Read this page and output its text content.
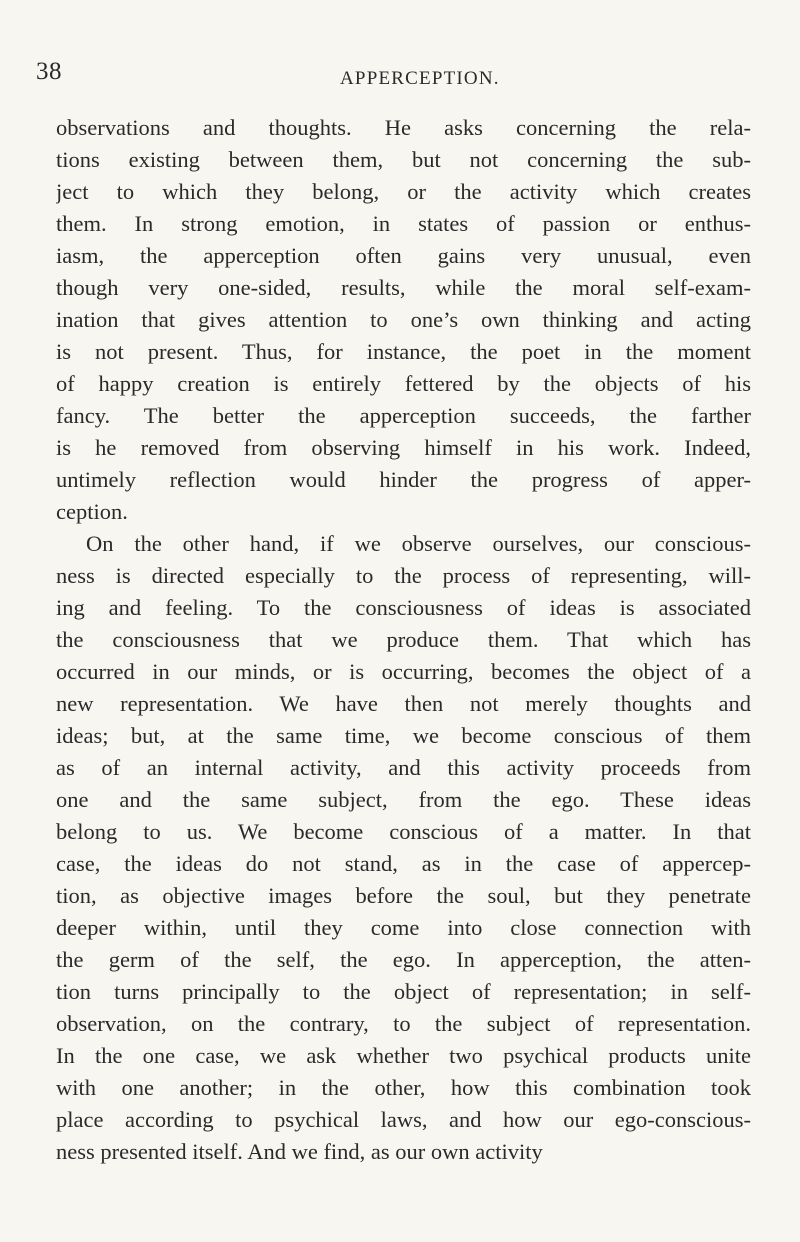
38	APPERCEPTION.
observations and thoughts. He asks concerning the rela-
tions existing between them, but not concerning the sub-
ject to which they belong, or the activity which creates
them. In strong emotion, in states of passion or enthus-
iasm, the apperception often gains very unusual, even
though very one-sided, results, while the moral self-exam-
ination that gives attention to one’s own thinking and acting
is not present. Thus, for instance, the poet in the moment
of happy creation is entirely fettered by the objects of his
fancy. The better the apperception succeeds, the farther
is he removed from observing himself in his work. Indeed,
untimely reflection would hinder the progress of apper-
ception.
On the other hand, if we observe ourselves, our conscious-
ness is directed especially to the process of representing, will-
ing and feeling. To the consciousness of ideas is associated
the consciousness that we produce them. That which has
occurred in our minds, or is occurring, becomes the object of a
new representation. We have then not merely thoughts and
ideas; but, at the same time, we become conscious of them
as of an internal activity, and this activity proceeds from
one and the same subject, from the ego. These ideas
belong to us. We become conscious of a matter. In that
case, the ideas do not stand, as in the case of appercep-
tion, as objective images before the soul, but they penetrate
deeper within, until they come into close connection with
the germ of the self, the ego. In apperception, the atten-
tion turns principally to the object of representation; in self-
observation, on the contrary, to the subject of representation.
In the one case, we ask whether two psychical products unite
with one another; in the other, how this combination took
place according to psychical laws, and how our ego-conscious-
ness presented itself. And we find, as our own activity
